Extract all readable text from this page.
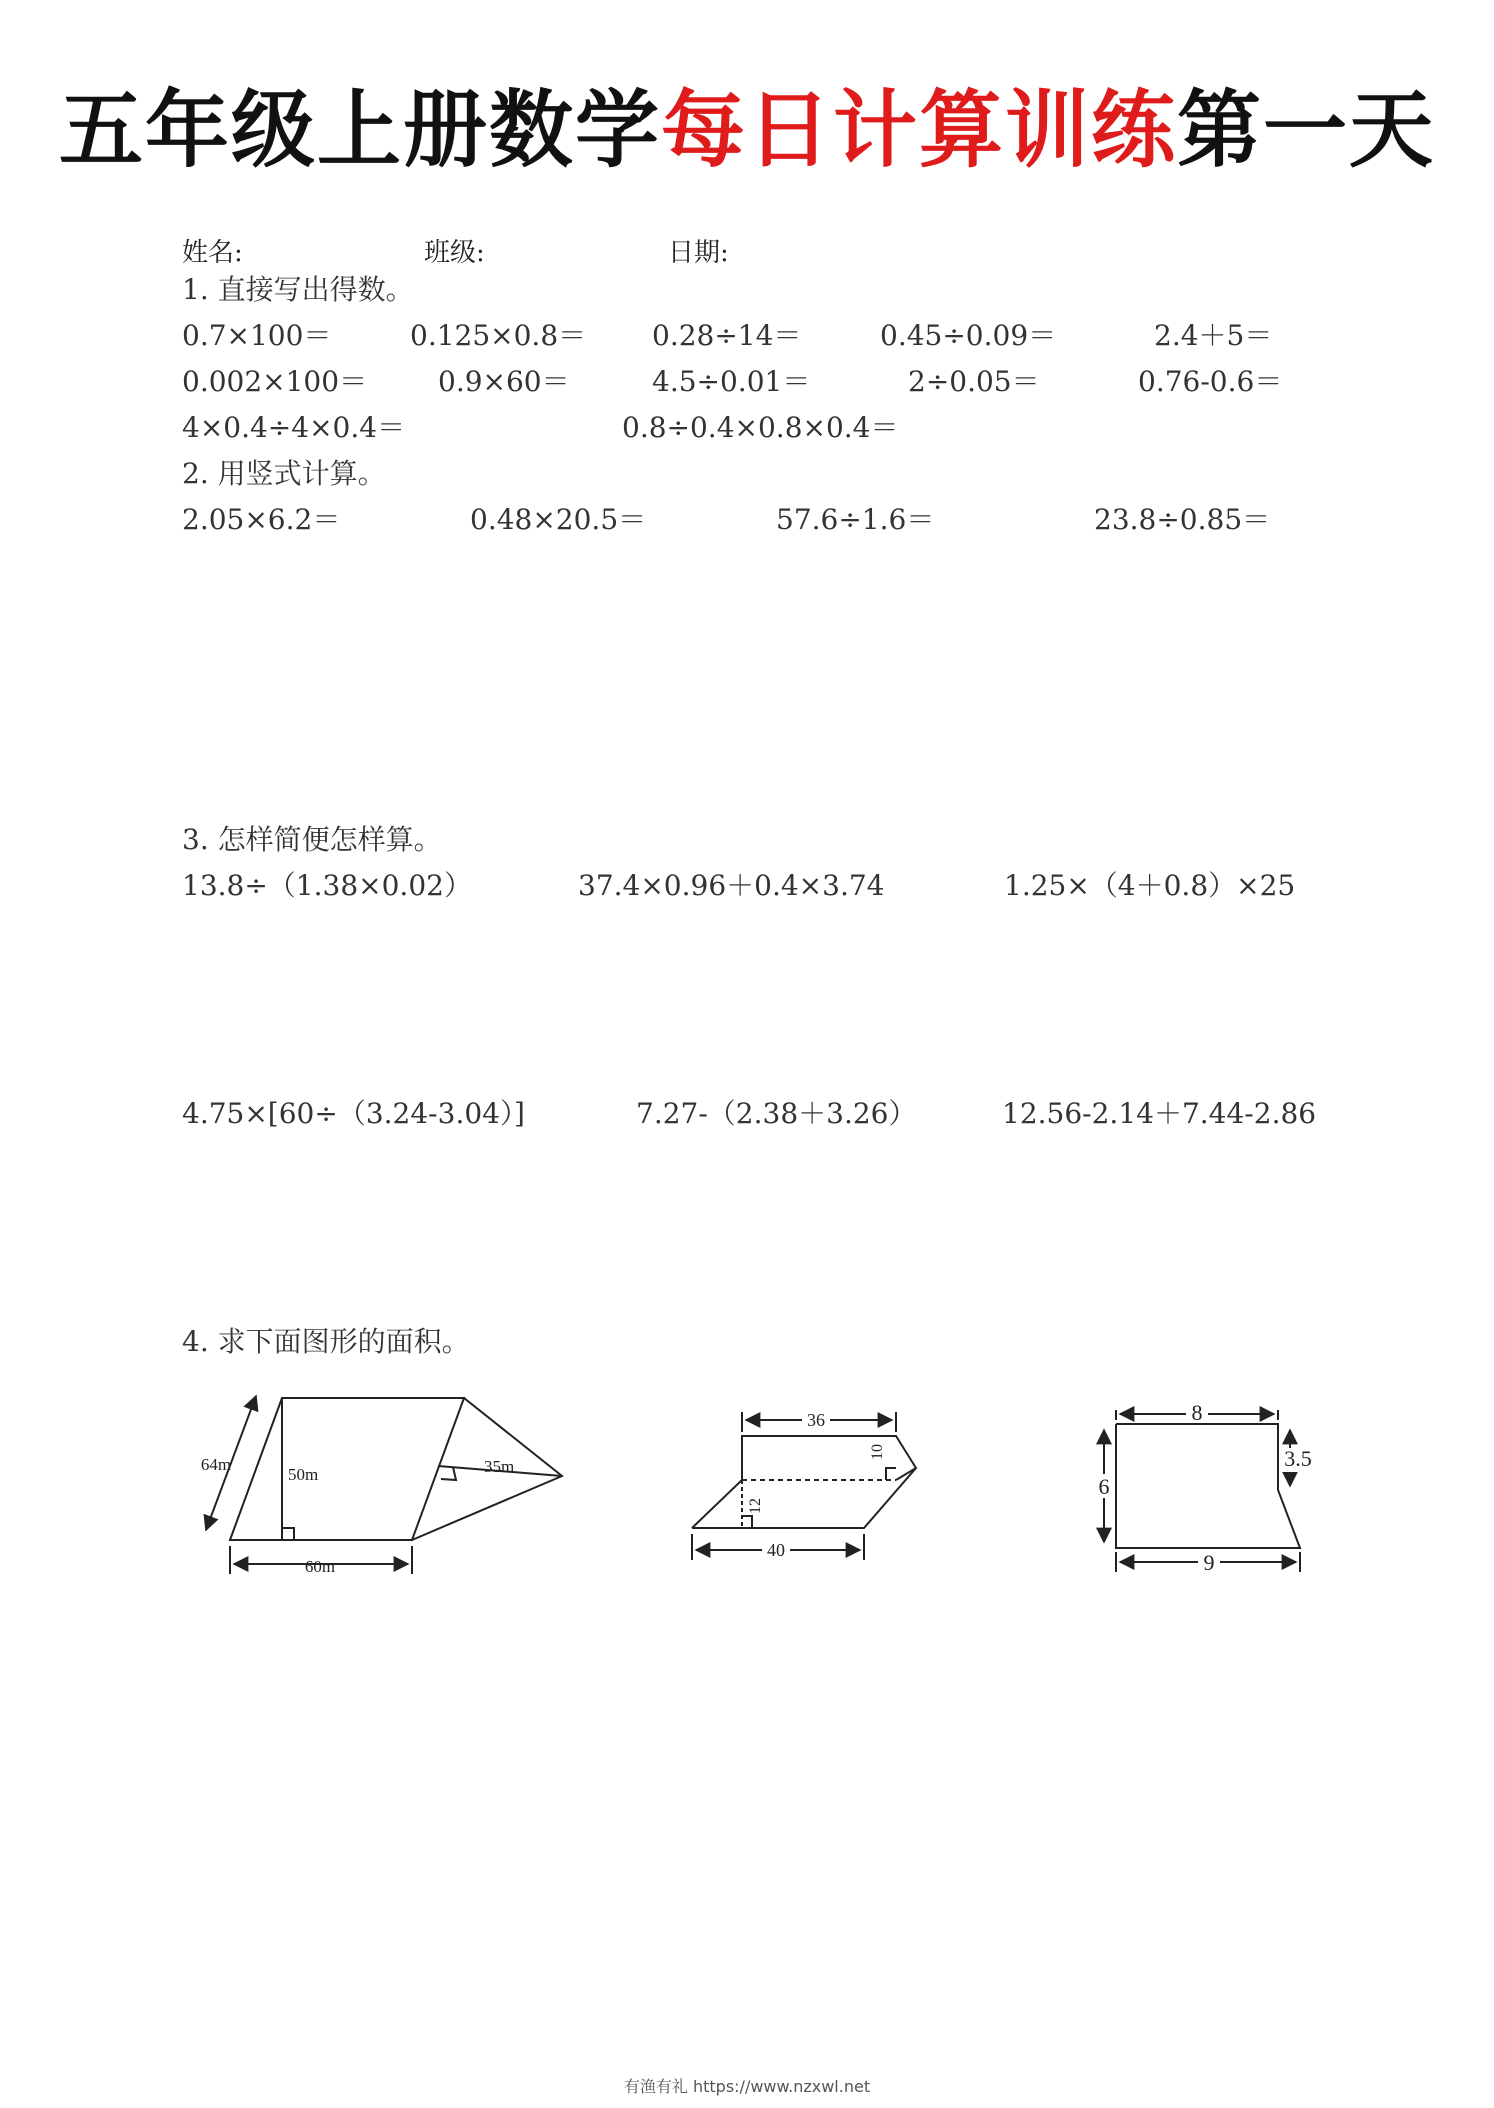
五年级上册数学每日计算训练第一天
姓名:	班级:	日期:
1. 直接写出得数。
0.7×100＝	0.125×0.8＝ 0.28÷14＝	0.45÷0.09＝	2.4＋5＝
0.002×100＝	0.9×60＝	4.5÷0.01＝	2÷0.05＝	0.76-0.6＝
4×0.4÷4×0.4＝	0.8÷0.4×0.8×0.4＝
2. 用竖式计算。
2.05×6.2＝	0.48×20.5＝	57.6÷1.6＝	23.8÷0.85＝
3. 怎样简便怎样算。
13.8÷（1.38×0.02）	37.4×0.96＋0.4×3.74	1.25×（4＋0.8）×25
4.75×[60÷（3.24-3.04）]	7.27-（2.38＋3.26）	12.56-2.14＋7.44-2.86
4. 求下面图形的面积。
64m
50m	35m
60m
36
10
12
40
8
6
3.5
9
有渔有礼 https://www.nzxwl.net
